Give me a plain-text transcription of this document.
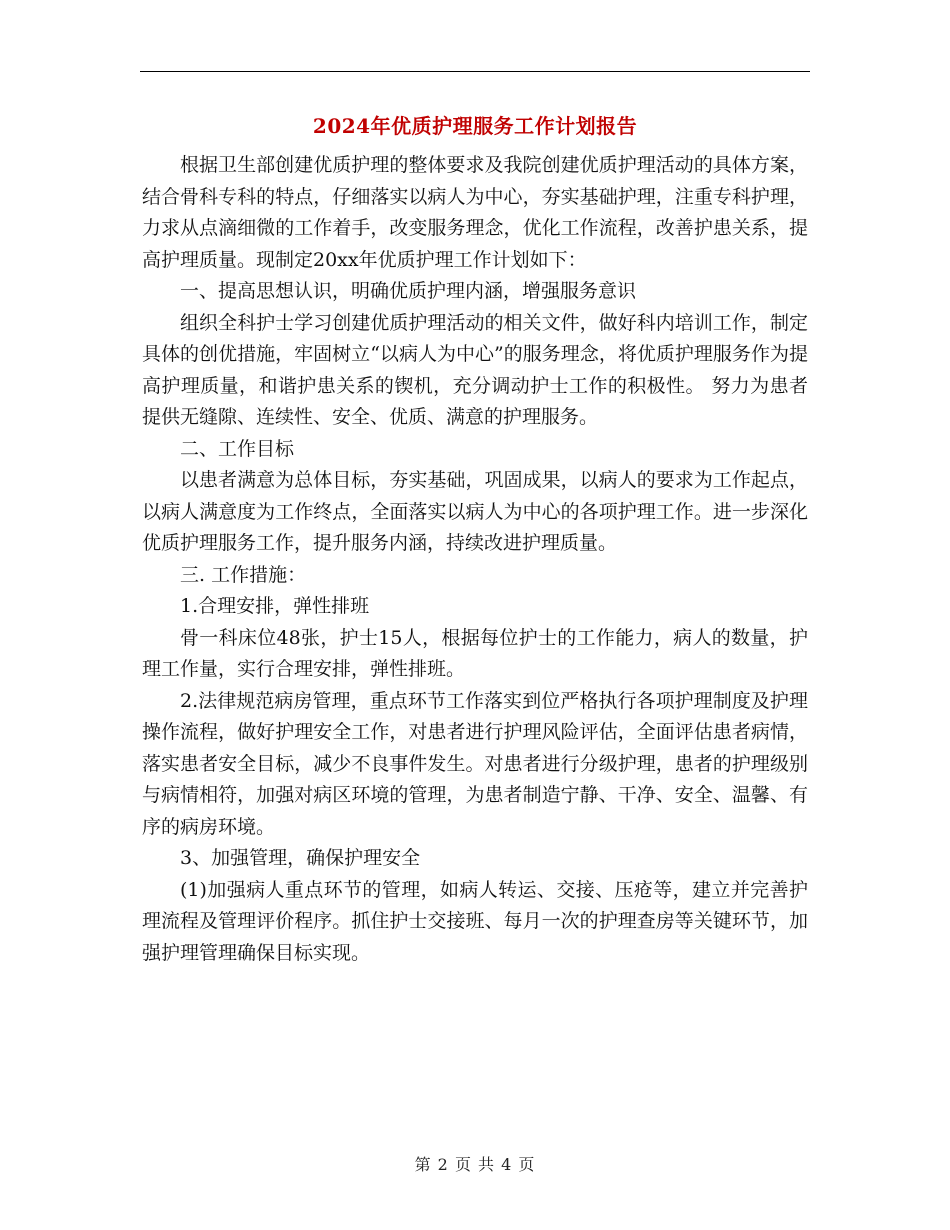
2024年优质护理服务工作计划报告

根据卫生部创建优质护理的整体要求及我院创建优质护理活动的具体方案，结合骨科专科的特点，仔细落实以病人为中心，夯实基础护理，注重专科护理，力求从点滴细微的工作着手，改变服务理念，优化工作流程，改善护患关系，提高护理质量。现制定20xx年优质护理工作计划如下：

一、提高思想认识，明确优质护理内涵，增强服务意识

组织全科护士学习创建优质护理活动的相关文件，做好科内培训工作，制定具体的创优措施，牢固树立“以病人为中心”的服务理念，将优质护理服务作为提高护理质量，和谐护患关系的锲机，充分调动护士工作的积极性。 努力为患者提供无缝隙、连续性、安全、优质、满意的护理服务。

二、工作目标

以患者满意为总体目标，夯实基础，巩固成果，以病人的要求为工作起点，以病人满意度为工作终点，全面落实以病人为中心的各项护理工作。进一步深化优质护理服务工作，提升服务内涵，持续改进护理质量。

三. 工作措施：

1.合理安排，弹性排班

骨一科床位48张，护士15人，根据每位护士的工作能力，病人的数量，护理工作量，实行合理安排，弹性排班。

2.法律规范病房管理，重点环节工作落实到位严格执行各项护理制度及护理操作流程，做好护理安全工作，对患者进行护理风险评估，全面评估患者病情，落实患者安全目标，减少不良事件发生。对患者进行分级护理，患者的护理级别与病情相符，加强对病区环境的管理，为患者制造宁静、干净、安全、温馨、有序的病房环境。

3、加强管理，确保护理安全

(1)加强病人重点环节的管理，如病人转运、交接、压疮等，建立并完善护理流程及管理评价程序。抓住护士交接班、每月一次的护理查房等关键环节，加强护理管理确保目标实现。

第 2 页 共 4 页
